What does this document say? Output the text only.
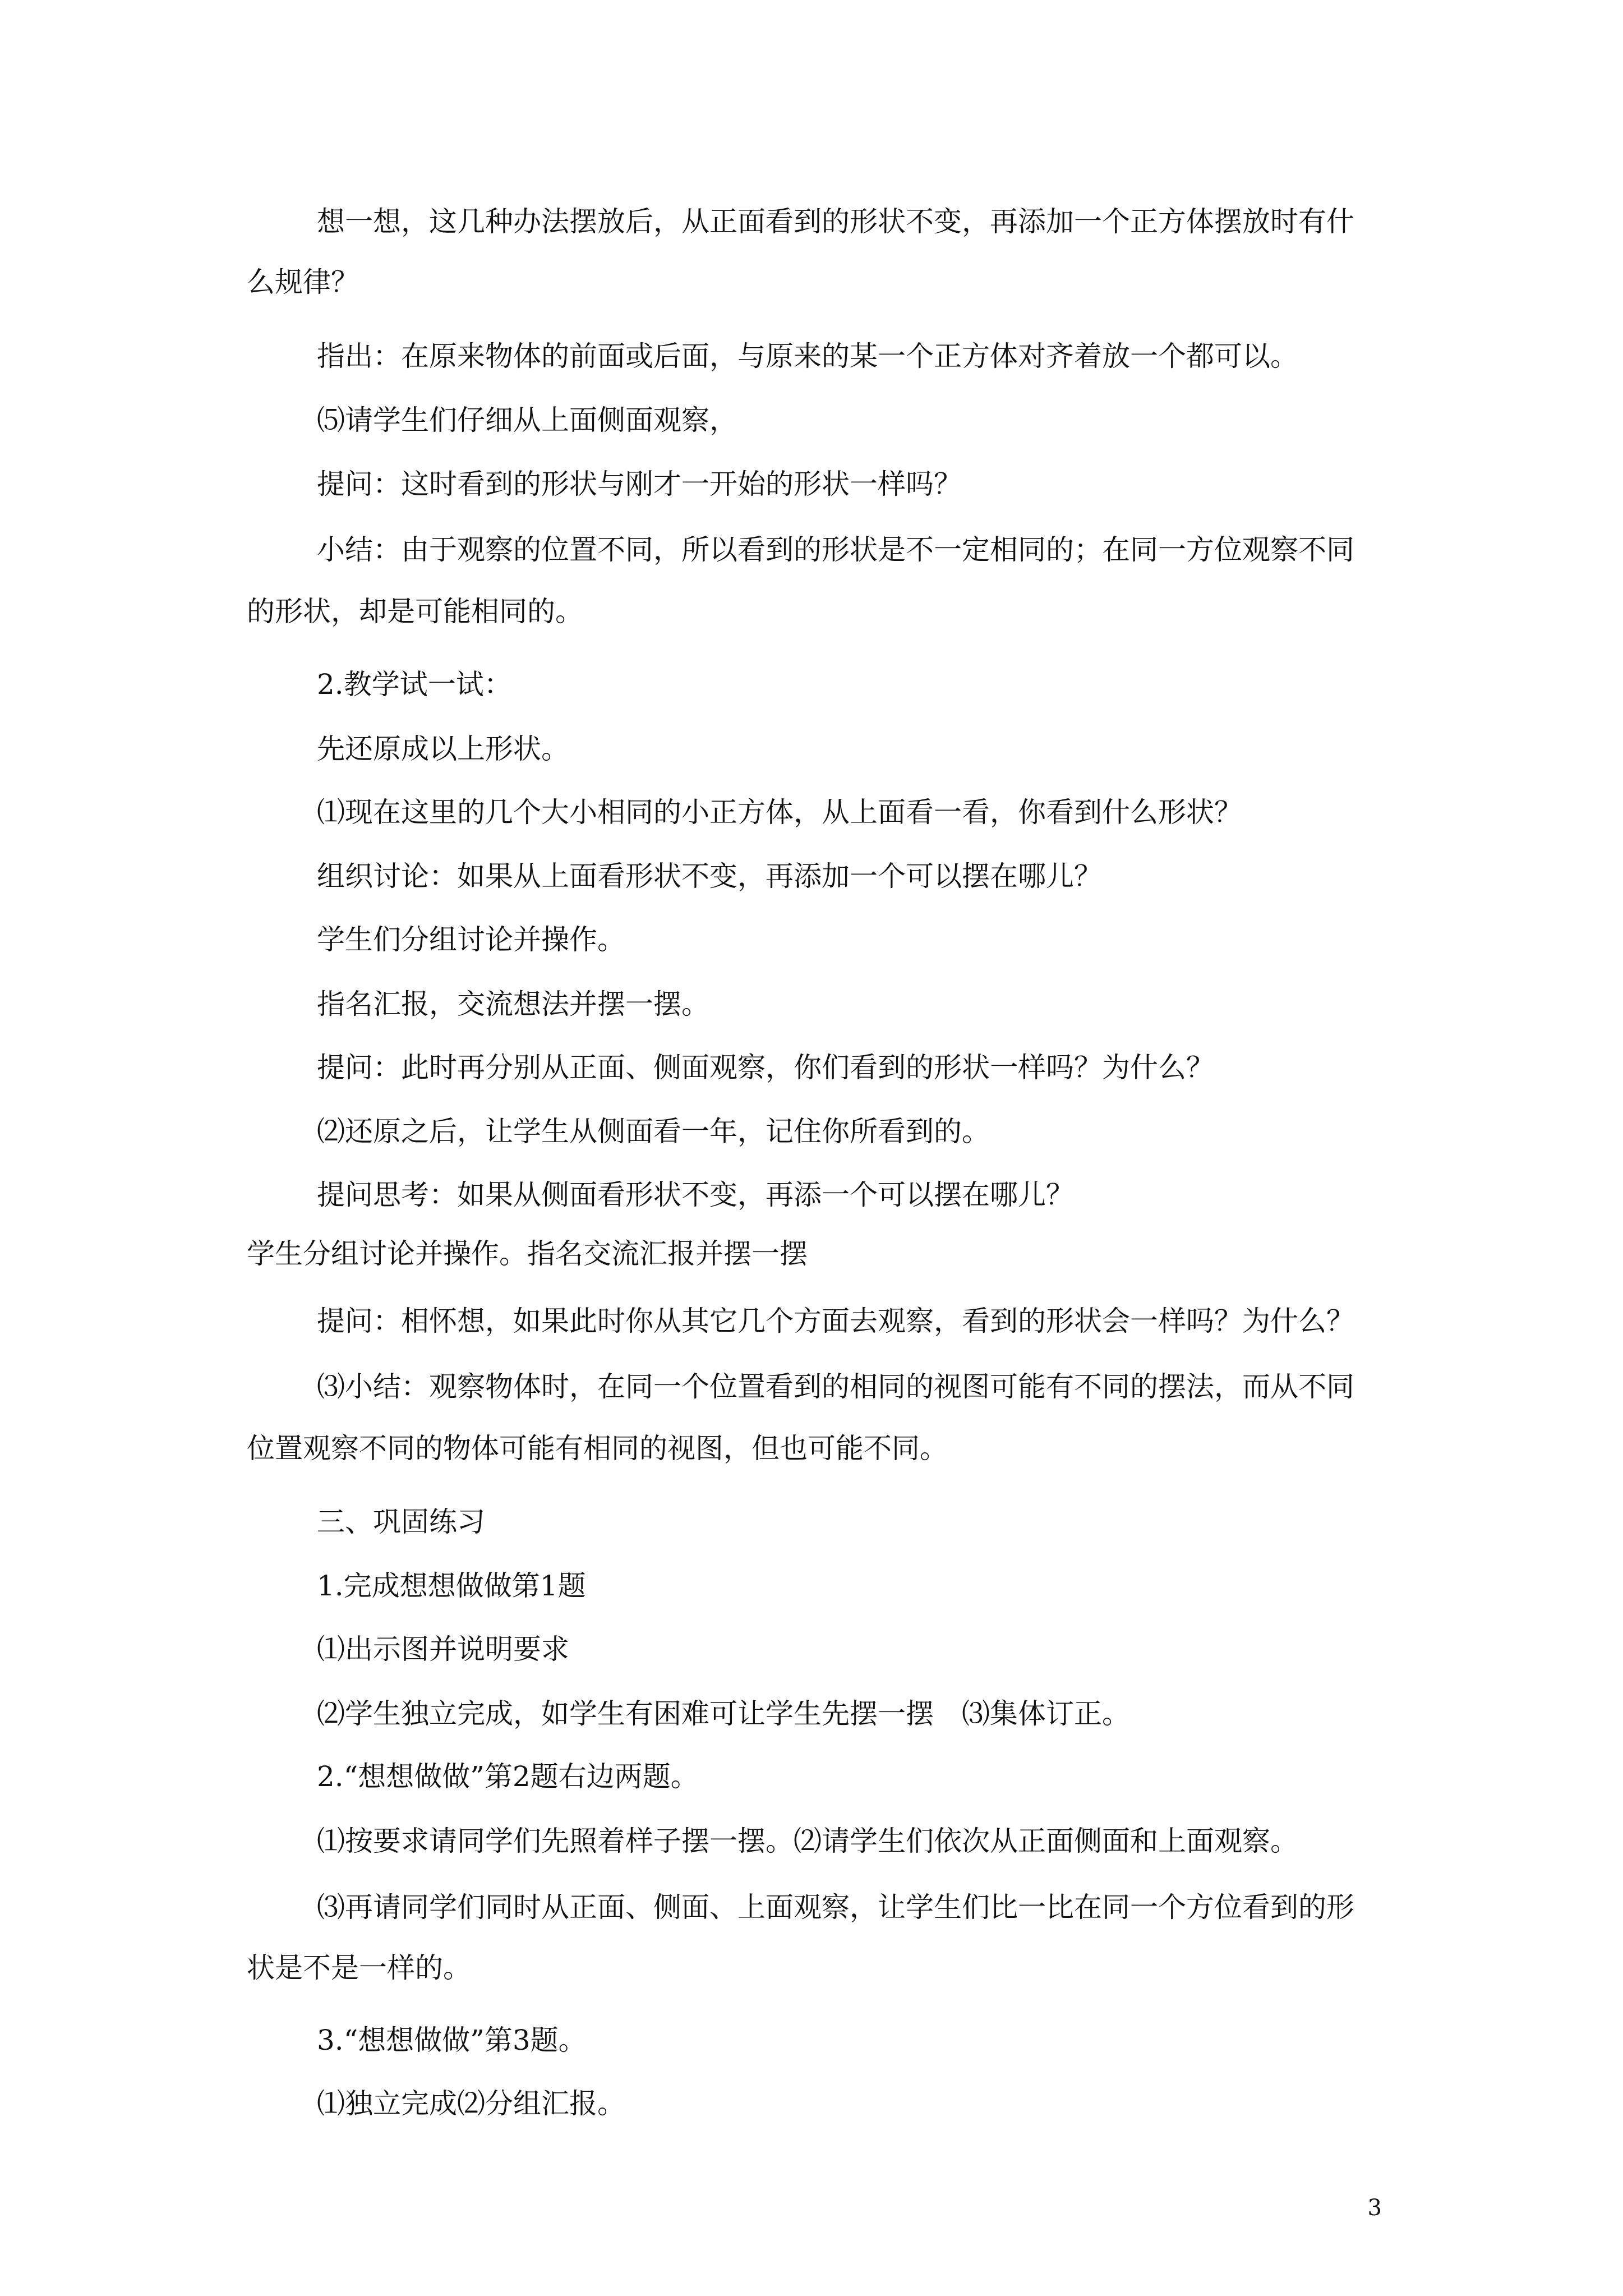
想一想，这几种办法摆放后，从正面看到的形状不变，再添加一个正方体摆放时有什
么规律？
指出：在原来物体的前面或后面，与原来的某一个正方体对齐着放一个都可以。
⑸请学生们仔细从上面侧面观察，
提问：这时看到的形状与刚才一开始的形状一样吗？
小结：由于观察的位置不同，所以看到的形状是不一定相同的；在同一方位观察不同
的形状，却是可能相同的。
2.教学试一试：
先还原成以上形状。
⑴现在这里的几个大小相同的小正方体，从上面看一看，你看到什么形状？
组织讨论：如果从上面看形状不变，再添加一个可以摆在哪儿？
学生们分组讨论并操作。
指名汇报，交流想法并摆一摆。
提问：此时再分别从正面、侧面观察，你们看到的形状一样吗？为什么？
⑵还原之后，让学生从侧面看一年，记住你所看到的。
提问思考：如果从侧面看形状不变，再添一个可以摆在哪儿？
学生分组讨论并操作。指名交流汇报并摆一摆
提问：相怀想，如果此时你从其它几个方面去观察，看到的形状会一样吗？为什么？
⑶小结：观察物体时，在同一个位置看到的相同的视图可能有不同的摆法，而从不同
位置观察不同的物体可能有相同的视图，但也可能不同。
三、巩固练习
1.完成想想做做第1题
⑴出示图并说明要求
⑵学生独立完成，如学生有困难可让学生先摆一摆　⑶集体订正。
2.“想想做做”第2题右边两题。
⑴按要求请同学们先照着样子摆一摆。⑵请学生们依次从正面侧面和上面观察。
⑶再请同学们同时从正面、侧面、上面观察，让学生们比一比在同一个方位看到的形
状是不是一样的。
3.“想想做做”第3题。
⑴独立完成⑵分组汇报。
3
